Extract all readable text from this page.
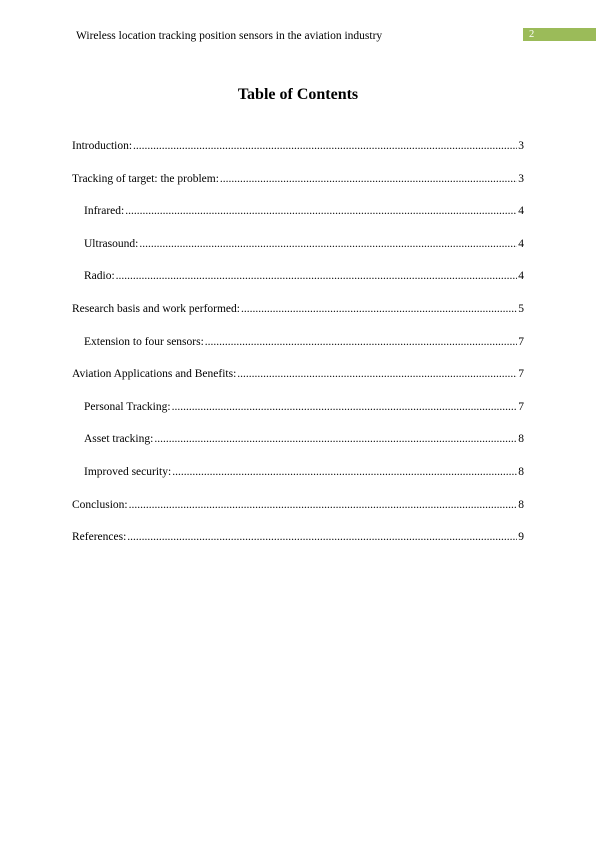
Wireless location tracking position sensors in the aviation industry	2
Table of Contents
Introduction: .....	3
Tracking of target: the problem: .....	3
Infrared: .....	4
Ultrasound: .....	4
Radio: .....	4
Research basis and work performed: .....	5
Extension to four sensors: .....	7
Aviation Applications and Benefits: .....	7
Personal Tracking: .....	7
Asset tracking: .....	8
Improved security: .....	8
Conclusion: .....	8
References: .....	9
